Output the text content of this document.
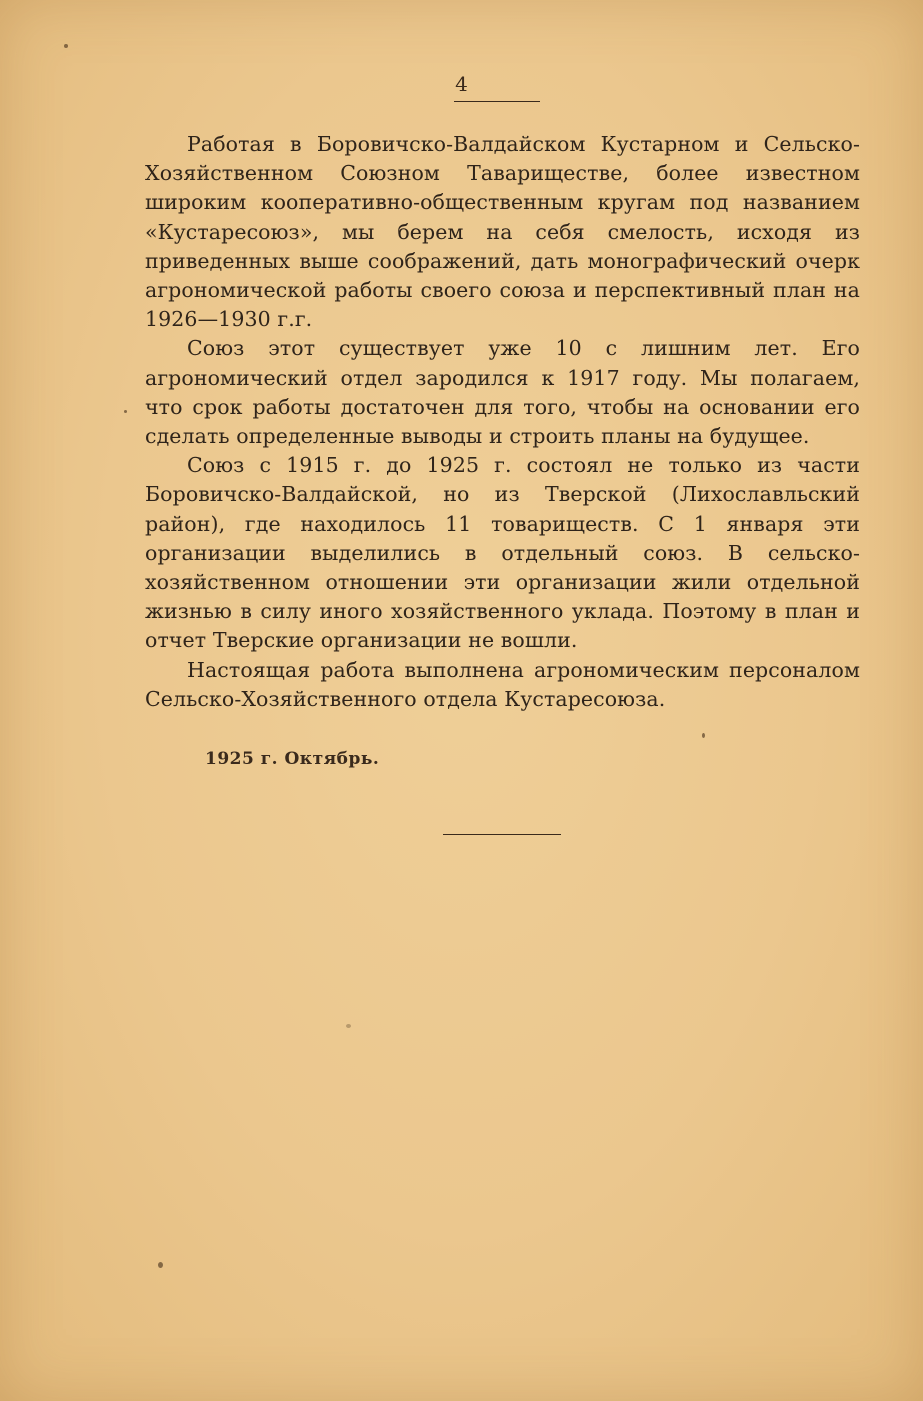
4

Работая в Боровичско-Валдайском Кустарном и Сельско-Хозяйственном Союзном Тавариществе, более известном широким кооперативно-общественным кругам под названием «Кустаресоюз», мы берем на себя смелость, исходя из приведенных выше соображений, дать монографический очерк агрономической работы своего союза и перспективный план на 1926—1930 г.г.

Союз этот существует уже 10 с лишним лет. Его агрономический отдел зародился к 1917 году. Мы полагаем, что срок работы достаточен для того, чтобы на основании его сделать определенные выводы и строить планы на будущее.

Союз с 1915 г. до 1925 г. состоял не только из части Боровичско-Валдайской, но из Тверской (Лихославльский район), где находилось 11 товариществ. С 1 января эти организации выделились в отдельный союз. В сельско-хозяйственном отношении эти организации жили отдельной жизнью в силу иного хозяйственного уклада. Поэтому в план и отчет Тверские организации не вошли.

Настоящая работа выполнена агрономическим персоналом Сельско-Хозяйственного отдела Кустаресоюза.

1925 г. Октябрь.
